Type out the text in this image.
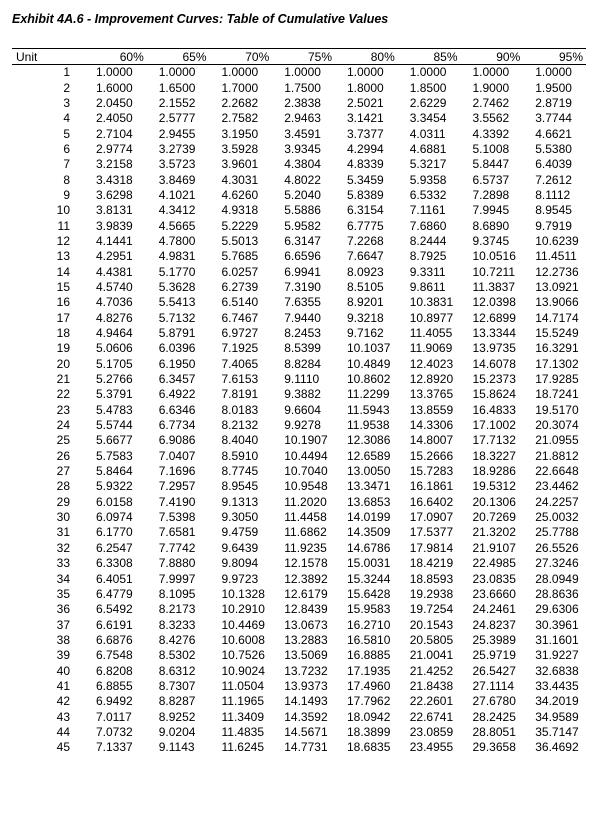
Exhibit 4A.6 - Improvement Curves: Table of Cumulative Values
Unit	60%	65%	70%	75%	80%	85%	90%	95%
1	1.0000	1.0000	1.0000	1.0000	1.0000	1.0000	1.0000	1.0000
2	1.6000	1.6500	1.7000	1.7500	1.8000	1.8500	1.9000	1.9500
3	2.0450	2.1552	2.2682	2.3838	2.5021	2.6229	2.7462	2.8719
4	2.4050	2.5777	2.7582	2.9463	3.1421	3.3454	3.5562	3.7744
5	2.7104	2.9455	3.1950	3.4591	3.7377	4.0311	4.3392	4.6621
6	2.9774	3.2739	3.5928	3.9345	4.2994	4.6881	5.1008	5.5380
7	3.2158	3.5723	3.9601	4.3804	4.8339	5.3217	5.8447	6.4039
8	3.4318	3.8469	4.3031	4.8022	5.3459	5.9358	6.5737	7.2612
9	3.6298	4.1021	4.6260	5.2040	5.8389	6.5332	7.2898	8.1112
10	3.8131	4.3412	4.9318	5.5886	6.3154	7.1161	7.9945	8.9545
11	3.9839	4.5665	5.2229	5.9582	6.7775	7.6860	8.6890	9.7919
12	4.1441	4.7800	5.5013	6.3147	7.2268	8.2444	9.3745	10.6239
13	4.2951	4.9831	5.7685	6.6596	7.6647	8.7925	10.0516	11.4511
14	4.4381	5.1770	6.0257	6.9941	8.0923	9.3311	10.7211	12.2736
15	4.5740	5.3628	6.2739	7.3190	8.5105	9.8611	11.3837	13.0921
16	4.7036	5.5413	6.5140	7.6355	8.9201	10.3831	12.0398	13.9066
17	4.8276	5.7132	6.7467	7.9440	9.3218	10.8977	12.6899	14.7174
18	4.9464	5.8791	6.9727	8.2453	9.7162	11.4055	13.3344	15.5249
19	5.0606	6.0396	7.1925	8.5399	10.1037	11.9069	13.9735	16.3291
20	5.1705	6.1950	7.4065	8.8284	10.4849	12.4023	14.6078	17.1302
21	5.2766	6.3457	7.6153	9.1110	10.8602	12.8920	15.2373	17.9285
22	5.3791	6.4922	7.8191	9.3882	11.2299	13.3765	15.8624	18.7241
23	5.4783	6.6346	8.0183	9.6604	11.5943	13.8559	16.4833	19.5170
24	5.5744	6.7734	8.2132	9.9278	11.9538	14.3306	17.1002	20.3074
25	5.6677	6.9086	8.4040	10.1907	12.3086	14.8007	17.7132	21.0955
26	5.7583	7.0407	8.5910	10.4494	12.6589	15.2666	18.3227	21.8812
27	5.8464	7.1696	8.7745	10.7040	13.0050	15.7283	18.9286	22.6648
28	5.9322	7.2957	8.9545	10.9548	13.3471	16.1861	19.5312	23.4462
29	6.0158	7.4190	9.1313	11.2020	13.6853	16.6402	20.1306	24.2257
30	6.0974	7.5398	9.3050	11.4458	14.0199	17.0907	20.7269	25.0032
31	6.1770	7.6581	9.4759	11.6862	14.3509	17.5377	21.3202	25.7788
32	6.2547	7.7742	9.6439	11.9235	14.6786	17.9814	21.9107	26.5526
33	6.3308	7.8880	9.8094	12.1578	15.0031	18.4219	22.4985	27.3246
34	6.4051	7.9997	9.9723	12.3892	15.3244	18.8593	23.0835	28.0949
35	6.4779	8.1095	10.1328	12.6179	15.6428	19.2938	23.6660	28.8636
36	6.5492	8.2173	10.2910	12.8439	15.9583	19.7254	24.2461	29.6306
37	6.6191	8.3233	10.4469	13.0673	16.2710	20.1543	24.8237	30.3961
38	6.6876	8.4276	10.6008	13.2883	16.5810	20.5805	25.3989	31.1601
39	6.7548	8.5302	10.7526	13.5069	16.8885	21.0041	25.9719	31.9227
40	6.8208	8.6312	10.9024	13.7232	17.1935	21.4252	26.5427	32.6838
41	6.8855	8.7307	11.0504	13.9373	17.4960	21.8438	27.1114	33.4435
42	6.9492	8.8287	11.1965	14.1493	17.7962	22.2601	27.6780	34.2019
43	7.0117	8.9252	11.3409	14.3592	18.0942	22.6741	28.2425	34.9589
44	7.0732	9.0204	11.4835	14.5671	18.3899	23.0859	28.8051	35.7147
45	7.1337	9.1143	11.6245	14.7731	18.6835	23.4955	29.3658	36.4692
